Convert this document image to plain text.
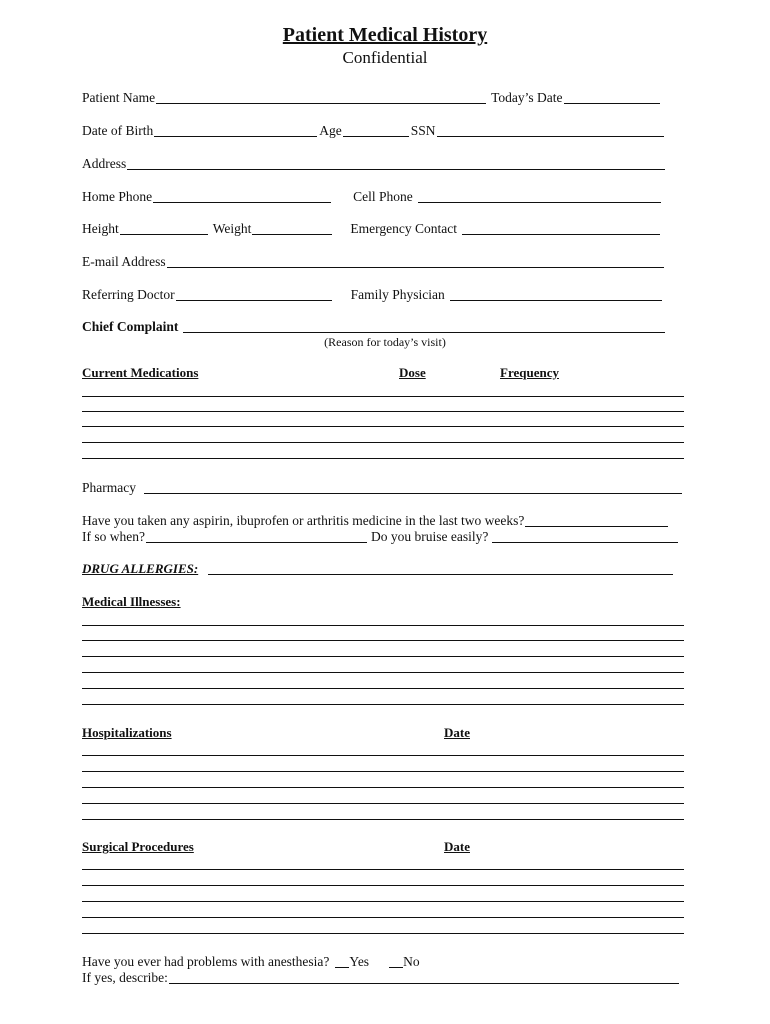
Patient Medical History
Confidential
Patient Name	Today’s Date
Date of Birth	Age	SSN
Address
Home Phone	Cell Phone
Height	Weight	Emergency Contact
E-mail Address
Referring Doctor	Family Physician
Chief Complaint
(Reason for today’s visit)
Current Medications	Dose	Frequency
Pharmacy
Have you taken any aspirin, ibuprofen or arthritis medicine in the last two weeks?
If so when?	Do you bruise easily?
DRUG ALLERGIES:
Medical Illnesses:
Hospitalizations	Date
Surgical Procedures	Date
Have you ever had problems with anesthesia? Yes	No
If yes, describe:
